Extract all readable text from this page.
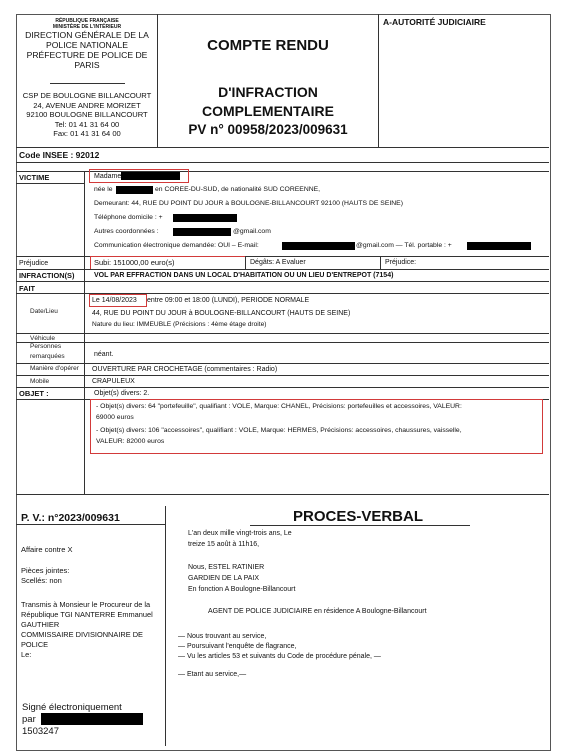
RÉPUBLIQUE FRANÇAISE
MINISTÈRE DE L'INTÉRIEUR
DIRECTION GÉNÉRALE DE LA
POLICE NATIONALE
PRÉFECTURE DE POLICE DE
PARIS
CSP DE BOULOGNE BILLANCOURT
24, AVENUE ANDRE MORIZET
92100 BOULOGNE BILLANCOURT
Tel: 01 41 31 64 00
Fax: 01 41 31 64 00
COMPTE RENDU
D'INFRACTION
COMPLEMENTAIRE
PV n° 00958/2023/009631
A-AUTORITÉ JUDICIAIRE
Code INSEE : 92012
VICTIME	Madame
née le	en COREE-DU-SUD, de nationalité SUD COREENNE,
Demeurant: 44, RUE DU POINT DU JOUR à BOULOGNE-BILLANCOURT 92100 (HAUTS DE SEINE)
Téléphone domicile : +
Autres coordonnées :	@gmail.com
Communication électronique demandée: OUI – E-mail:	@gmail.com — Tél. portable : +
Préjudice	Subi: 151000,00 euro(s)	Dégâts: A Evaluer	Préjudice:
INFRACTION(S)	VOL PAR EFFRACTION DANS UN LOCAL D'HABITATION OU UN LIEU D'ENTREPOT (7154)
FAIT
Date/Lieu
Le 14/08/2023 entre 09:00 et 18:00 (LUNDI), PERIODE NORMALE
44, RUE DU POINT DU JOUR à BOULOGNE-BILLANCOURT (HAUTS DE SEINE)
Nature du lieu: IMMEUBLE (Précisions : 4ème étage droite)
Véhicule
Personnes
remarquées	néant.
Manière d'opérer OUVERTURE PAR CROCHETAGE (commentaires : Radio)
Mobile	CRAPULEUX
OBJET :	Objet(s) divers: 2.
- Objet(s) divers: 64 "portefeuille", qualifiant : VOLE, Marque: CHANEL, Précisions: portefeuilles et accessoires, VALEUR:
69000 euros
- Objet(s) divers: 106 "accessoires", qualifiant : VOLE, Marque: HERMES, Précisions: accessoires, chaussures, vaisselle,
VALEUR: 82000 euros
P. V.: n°2023/009631	PROCES-VERBAL
Affaire contre X
Pièces jointes:
Scellés: non
Transmis à Monsieur le Procureur de la
République TGI NANTERRE Emmanuel
GAUTHIER
COMMISSAIRE DIVISIONNAIRE DE
POLICE
Le:
L'an deux mille vingt-trois ans, Le
treize 15 août à 11h16,
Nous, ESTEL RATINIER
GARDIEN DE LA PAIX
En fonction A Boulogne-Billancourt
AGENT DE POLICE JUDICIAIRE en résidence A Boulogne-Billancourt
— Nous trouvant au service,
— Poursuivant l'enquête de flagrance,
— Vu les articles 53 et suivants du Code de procédure pénale, —
— Etant au service,—
Signé électroniquement
par
1503247
